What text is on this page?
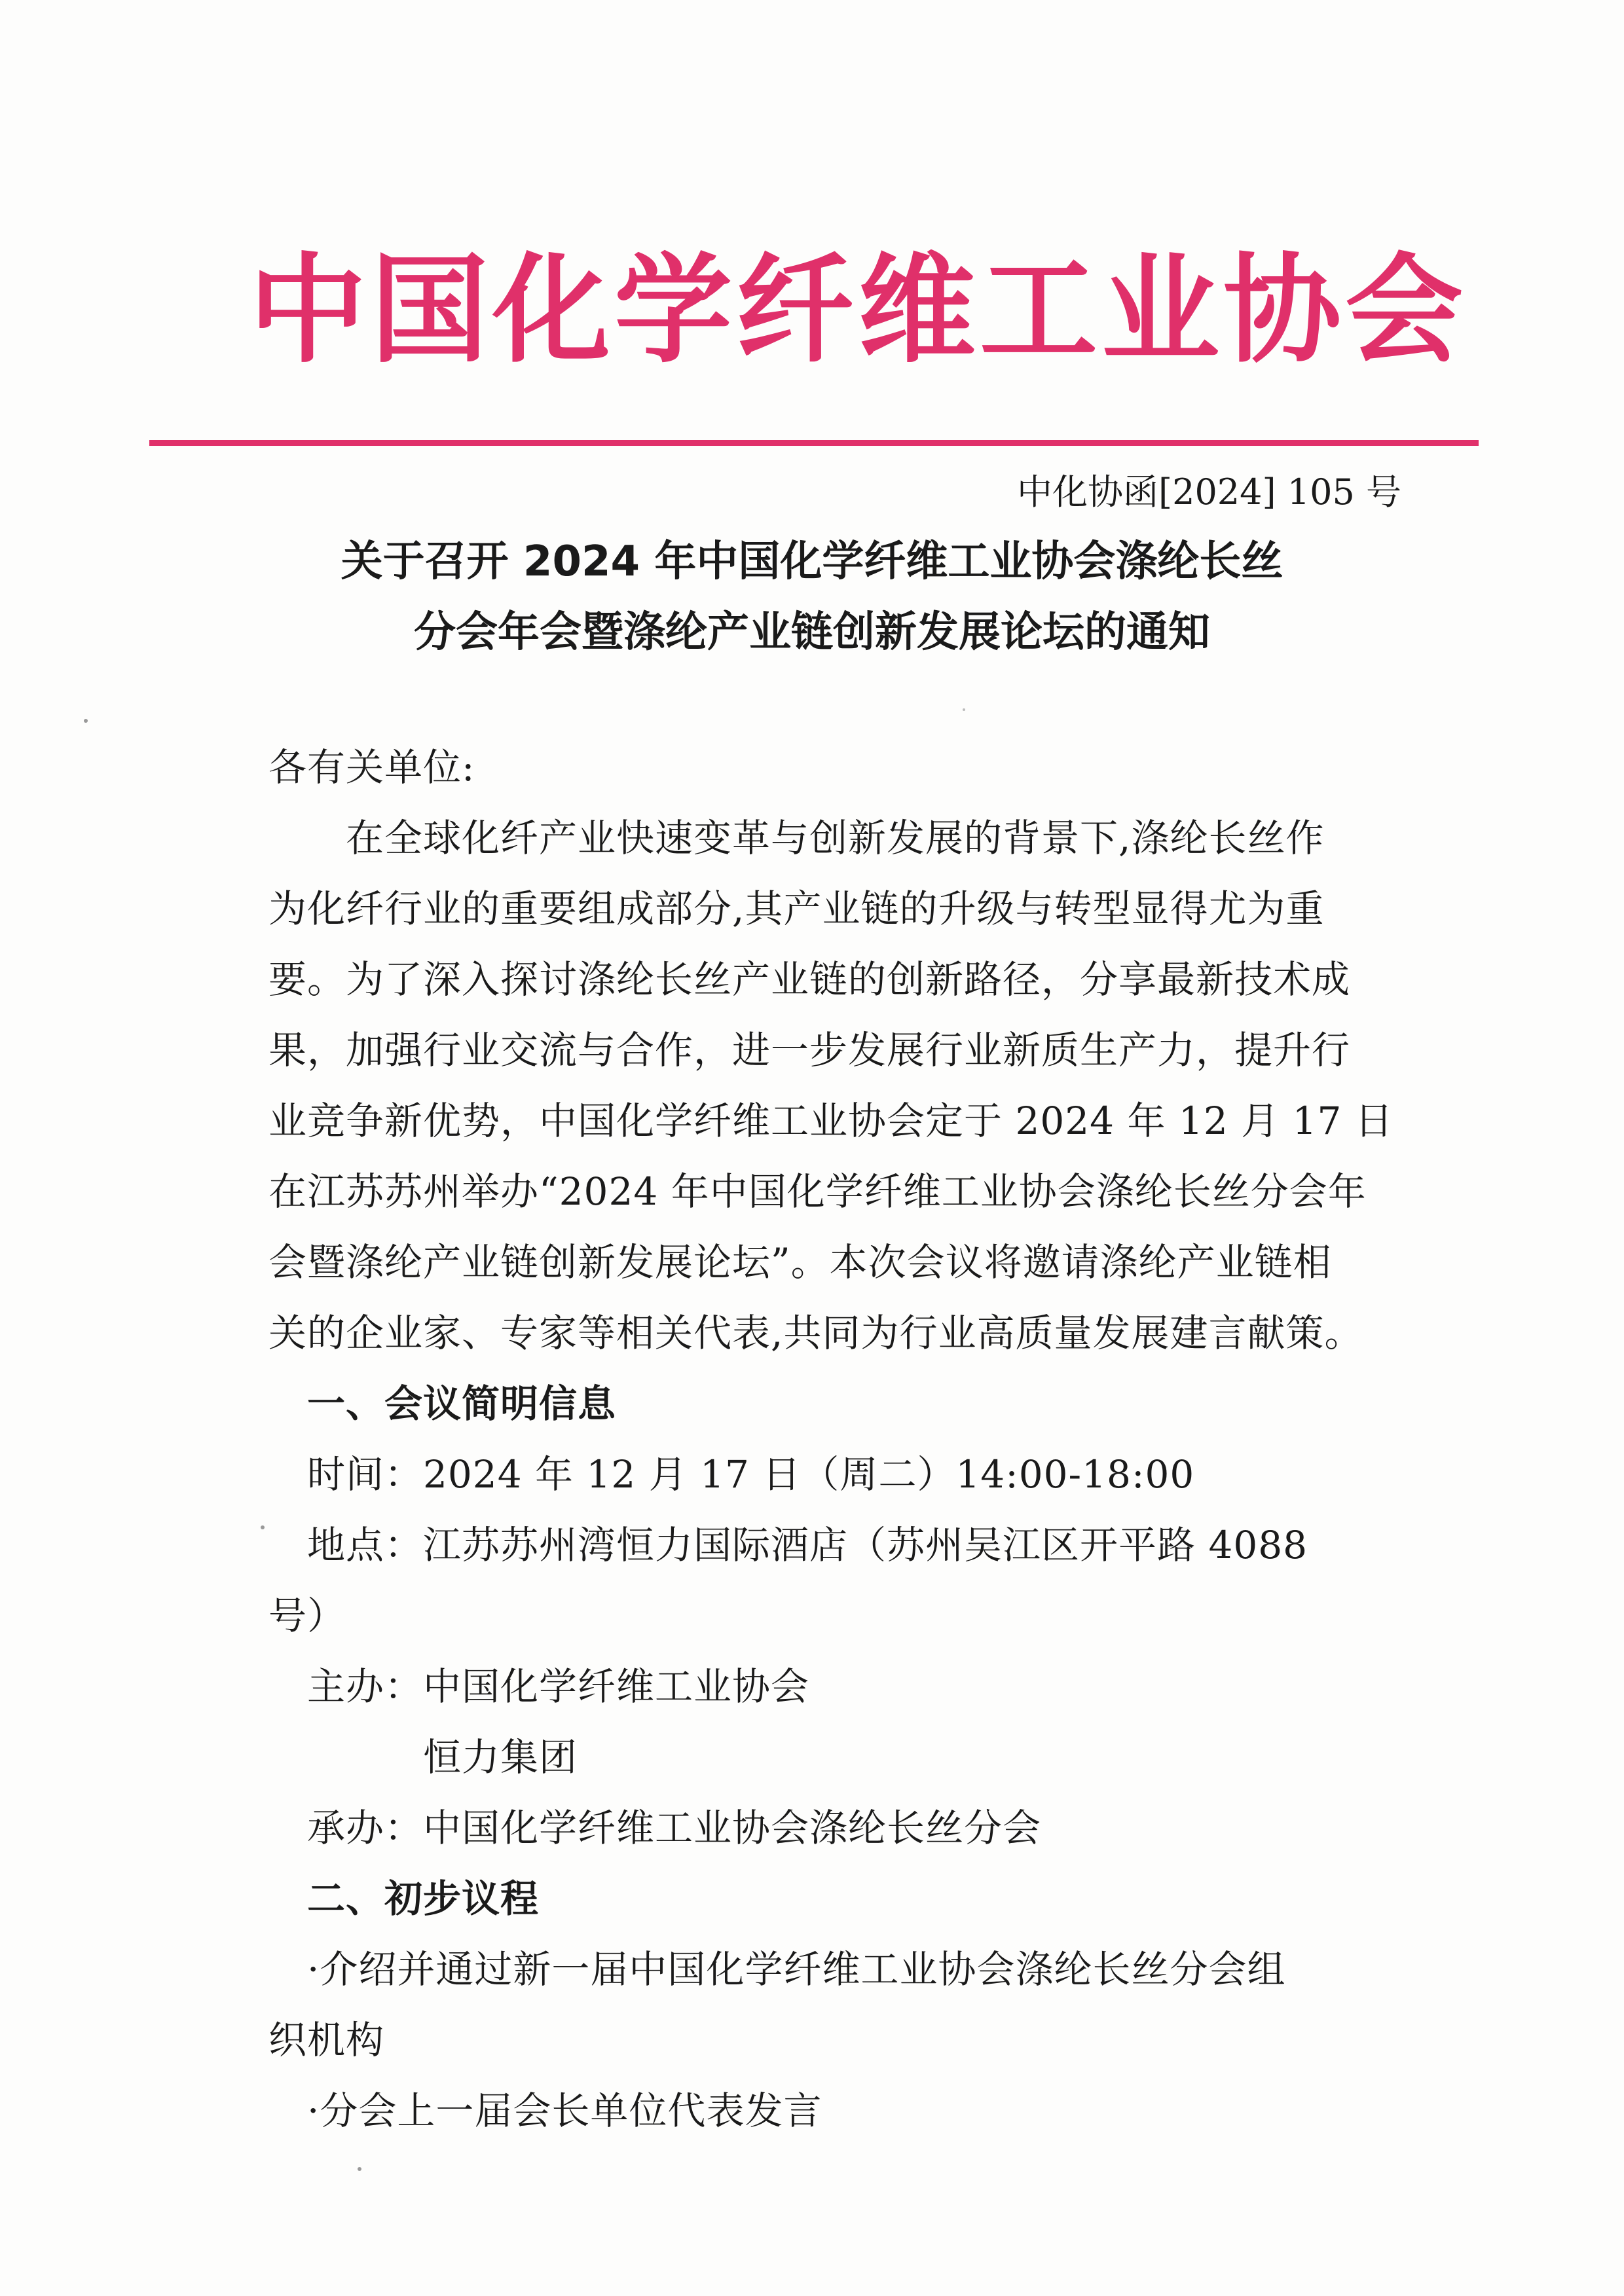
中国化学纤维工业协会
中化协函[2024] 105 号
关于召开 2024 年中国化学纤维工业协会涤纶长丝
分会年会暨涤纶产业链创新发展论坛的通知
各有关单位:
　　在全球化纤产业快速变革与创新发展的背景下,涤纶长丝作
为化纤行业的重要组成部分,其产业链的升级与转型显得尤为重
要。为了深入探讨涤纶长丝产业链的创新路径，分享最新技术成
果，加强行业交流与合作，进一步发展行业新质生产力，提升行
业竞争新优势，中国化学纤维工业协会定于 2024 年 12 月 17 日
在江苏苏州举办“2024 年中国化学纤维工业协会涤纶长丝分会年
会暨涤纶产业链创新发展论坛”。本次会议将邀请涤纶产业链相
关的企业家、专家等相关代表,共同为行业高质量发展建言献策。
　一、会议简明信息
　时间：2024 年 12 月 17 日（周二）14:00-18:00
　地点：江苏苏州湾恒力国际酒店（苏州吴江区开平路 4088
号）
　主办：中国化学纤维工业协会
　　　　恒力集团
　承办：中国化学纤维工业协会涤纶长丝分会
　二、初步议程
　·介绍并通过新一届中国化学纤维工业协会涤纶长丝分会组
织机构
　·分会上一届会长单位代表发言
